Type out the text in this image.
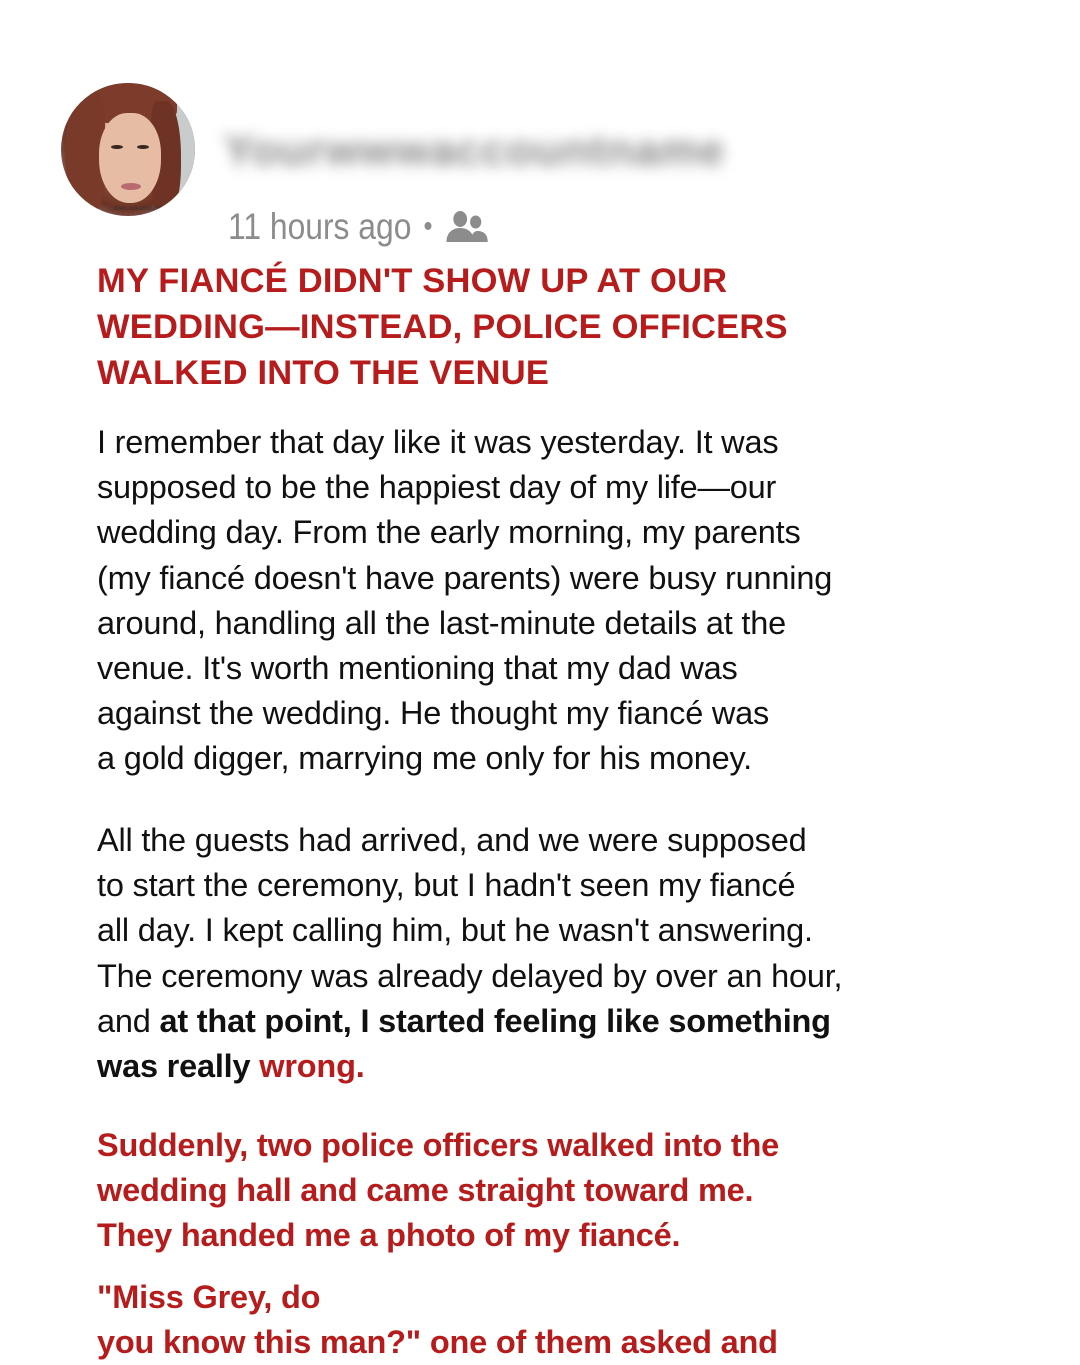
...does-not-exist.com
Yourwwwaccountname
11 hours ago •
MY FIANCÉ DIDN'T SHOW UP AT OUR
WEDDING—INSTEAD, POLICE OFFICERS
WALKED INTO THE VENUE

I remember that day like it was yesterday. It was
supposed to be the happiest day of my life—our
wedding day. From the early morning, my parents
(my fiancé doesn't have parents) were busy running
around, handling all the last-minute details at the
venue. It's worth mentioning that my dad was
against the wedding. He thought my fiancé was
a gold digger, marrying me only for his money.

All the guests had arrived, and we were supposed
to start the ceremony, but I hadn't seen my fiancé
all day. I kept calling him, but he wasn't answering.
The ceremony was already delayed by over an hour,
and at that point, I started feeling like something
was really wrong.

Suddenly, two police officers walked into the
wedding hall and came straight toward me.
They handed me a photo of my fiancé.

"Miss Grey, do
you know this man?" one of them asked and
